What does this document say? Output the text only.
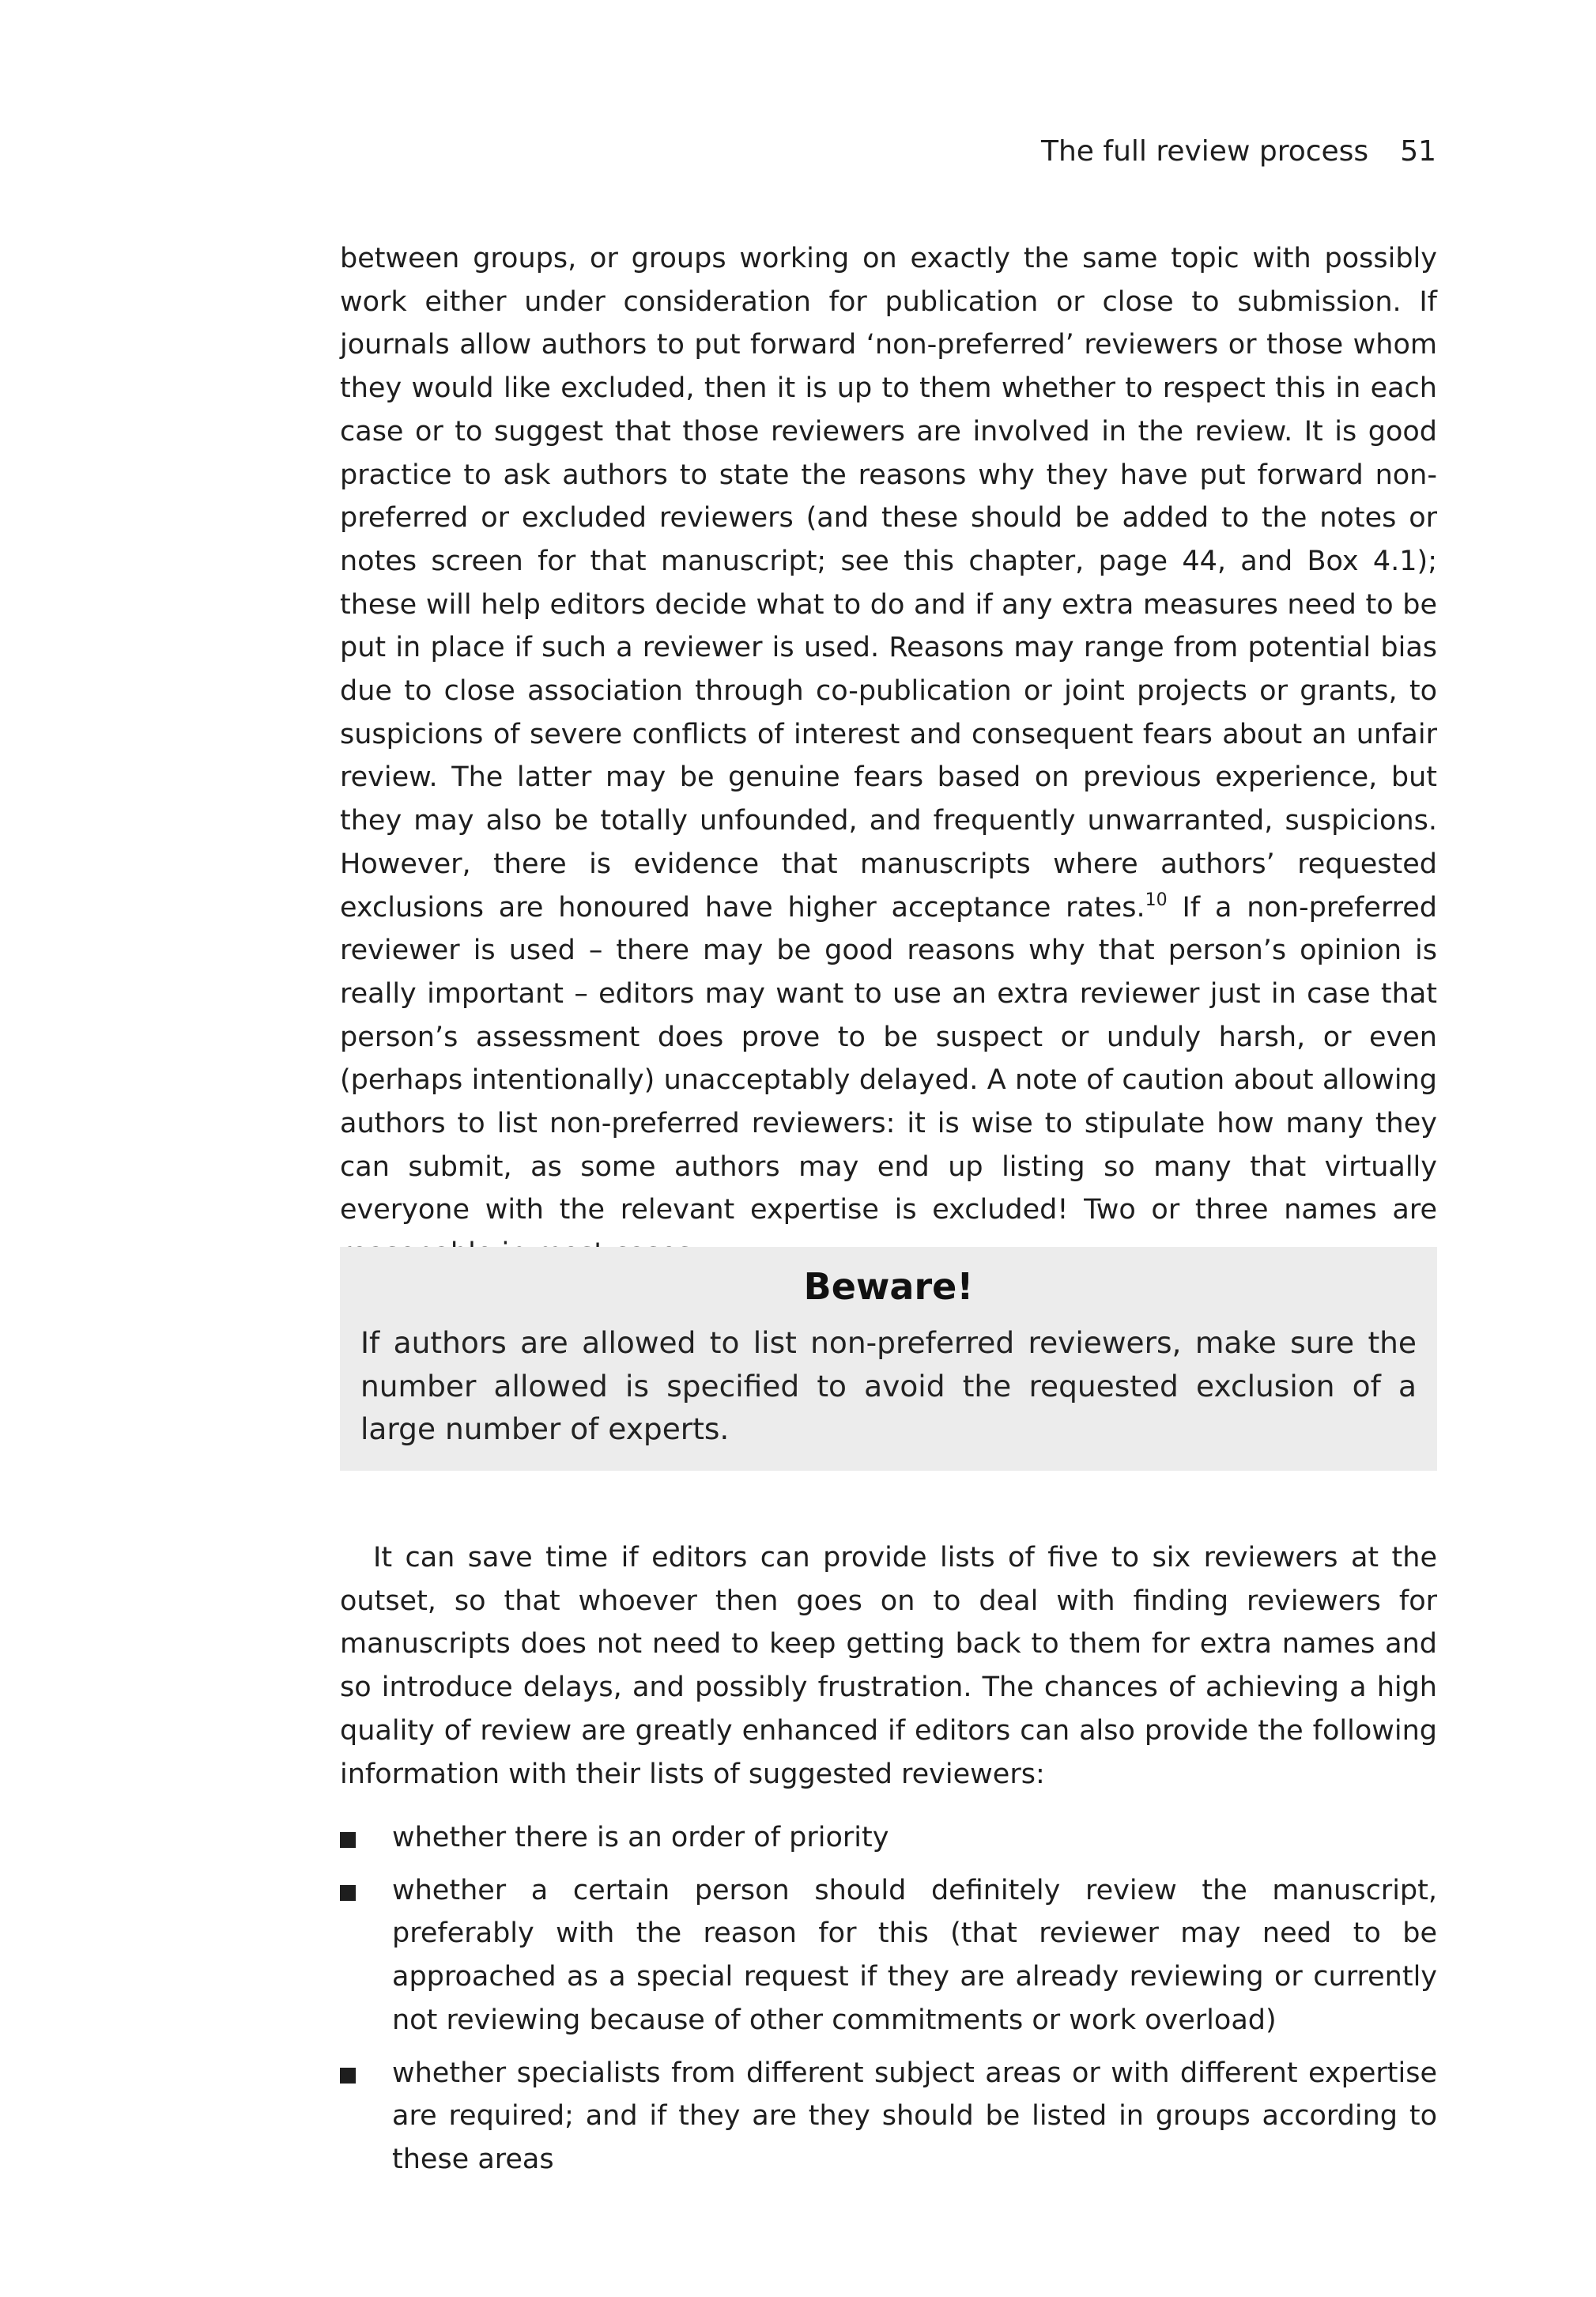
The full review process 51

between groups, or groups working on exactly the same topic with possibly work either under consideration for publication or close to submission. If journals allow authors to put forward ‘non-preferred’ reviewers or those whom they would like excluded, then it is up to them whether to respect this in each case or to suggest that those reviewers are involved in the review. It is good practice to ask authors to state the reasons why they have put forward non-preferred or excluded reviewers (and these should be added to the notes or notes screen for that manuscript; see this chapter, page 44, and Box 4.1); these will help editors decide what to do and if any extra measures need to be put in place if such a reviewer is used. Reasons may range from potential bias due to close association through co-publication or joint projects or grants, to suspicions of severe conflicts of interest and consequent fears about an unfair review. The latter may be genuine fears based on previous experience, but they may also be totally unfounded, and frequently unwarranted, suspicions. However, there is evidence that manuscripts where authors’ requested exclusions are honoured have higher acceptance rates.$^{10}$ If a non-preferred reviewer is used – there may be good reasons why that person’s opinion is really important – editors may want to use an extra reviewer just in case that person’s assessment does prove to be suspect or unduly harsh, or even (perhaps intentionally) unacceptably delayed. A note of caution about allowing authors to list non-preferred reviewers: it is wise to stipulate how many they can submit, as some authors may end up listing so many that virtually everyone with the relevant expertise is excluded! Two or three names are

Beware!

If authors are allowed to list non-preferred reviewers, make sure the number allowed is specified to avoid the requested exclusion of a large number of experts.

It can save time if editors can provide lists of five to six reviewers at the outset, so that whoever then goes on to deal with finding reviewers for manuscripts does not need to keep getting back to them for extra names and so introduce delays, and possibly frustration. The chances of achieving a high quality of review are greatly enhanced if editors can also provide the following information with their lists of suggested reviewers:

whether there is an order of priority
whether a certain person should definitely review the manuscript, preferably with the reason for this (that reviewer may need to be approached as a special request if they are already reviewing or currently not reviewing because of other commitments or work overload)
whether specialists from different subject areas or with different expertise are required; and if they are they should be listed in groups according to these areas
